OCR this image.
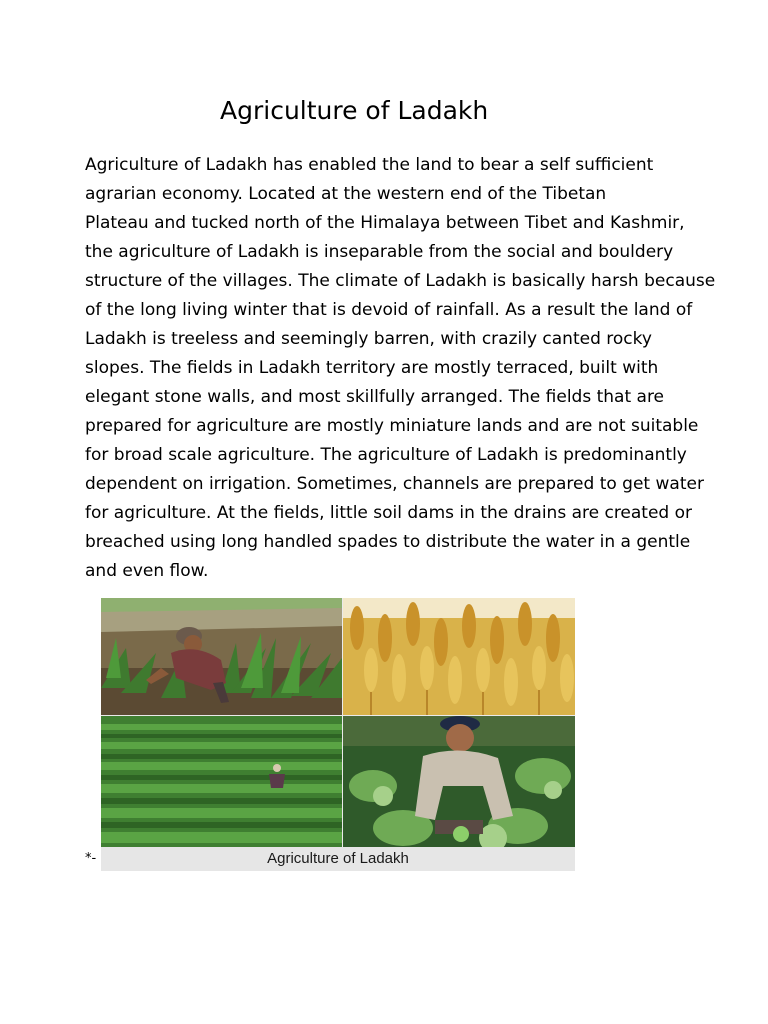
Agriculture of Ladakh
Agriculture of Ladakh has enabled the land to bear a self sufficient
agrarian economy. Located at the western end of the Tibetan
Plateau and tucked north of the Himalaya between Tibet and Kashmir,
the agriculture of Ladakh is inseparable from the social and bouldery
structure of the villages. The climate of Ladakh is basically harsh because
of the long living winter that is devoid of rainfall. As a result the land of
Ladakh is treeless and seemingly barren, with crazily canted rocky
slopes. The fields in Ladakh territory are mostly terraced, built with
elegant stone walls, and most skillfully arranged. The fields that are
prepared for agriculture are mostly miniature lands and are not suitable
for broad scale agriculture. The agriculture of Ladakh is predominantly
dependent on irrigation. Sometimes, channels are prepared to get water
for agriculture. At the fields, little soil dams in the drains are created or
breached using long handled spades to distribute the water in a gentle
and even flow.
*-	Agriculture of Ladakh
